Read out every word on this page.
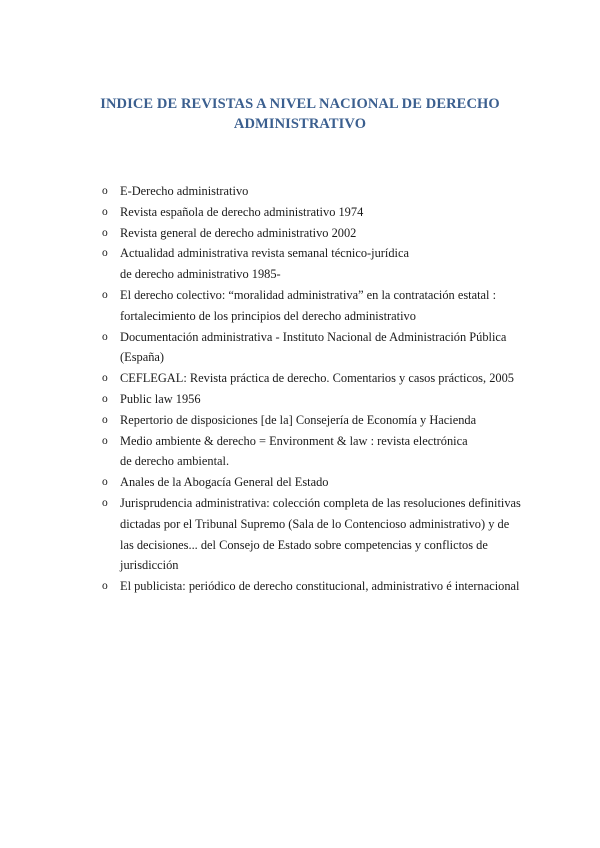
INDICE DE REVISTAS A NIVEL NACIONAL DE DERECHO
ADMINISTRATIVO
o E-Derecho administrativo
o Revista española de derecho administrativo 1974
o Revista general de derecho administrativo 2002
o Actualidad administrativa revista semanal técnico-jurídica
de derecho administrativo 1985-
o El derecho colectivo: “moralidad administrativa” en la contratación estatal :
fortalecimiento de los principios del derecho administrativo
o Documentación administrativa - Instituto Nacional de Administración Pública
(España)
o CEFLEGAL: Revista práctica de derecho. Comentarios y casos prácticos, 2005
o Public law 1956
o Repertorio de disposiciones [de la] Consejería de Economía y Hacienda
o Medio ambiente & derecho = Environment & law : revista electrónica
de derecho ambiental.
o Anales de la Abogacía General del Estado
o Jurisprudencia administrativa: colección completa de las resoluciones definitivas
dictadas por el Tribunal Supremo (Sala de lo Contencioso administrativo) y de
las decisiones... del Consejo de Estado sobre competencias y conflictos de
jurisdicción
o El publicista: periódico de derecho constitucional, administrativo é internacional
